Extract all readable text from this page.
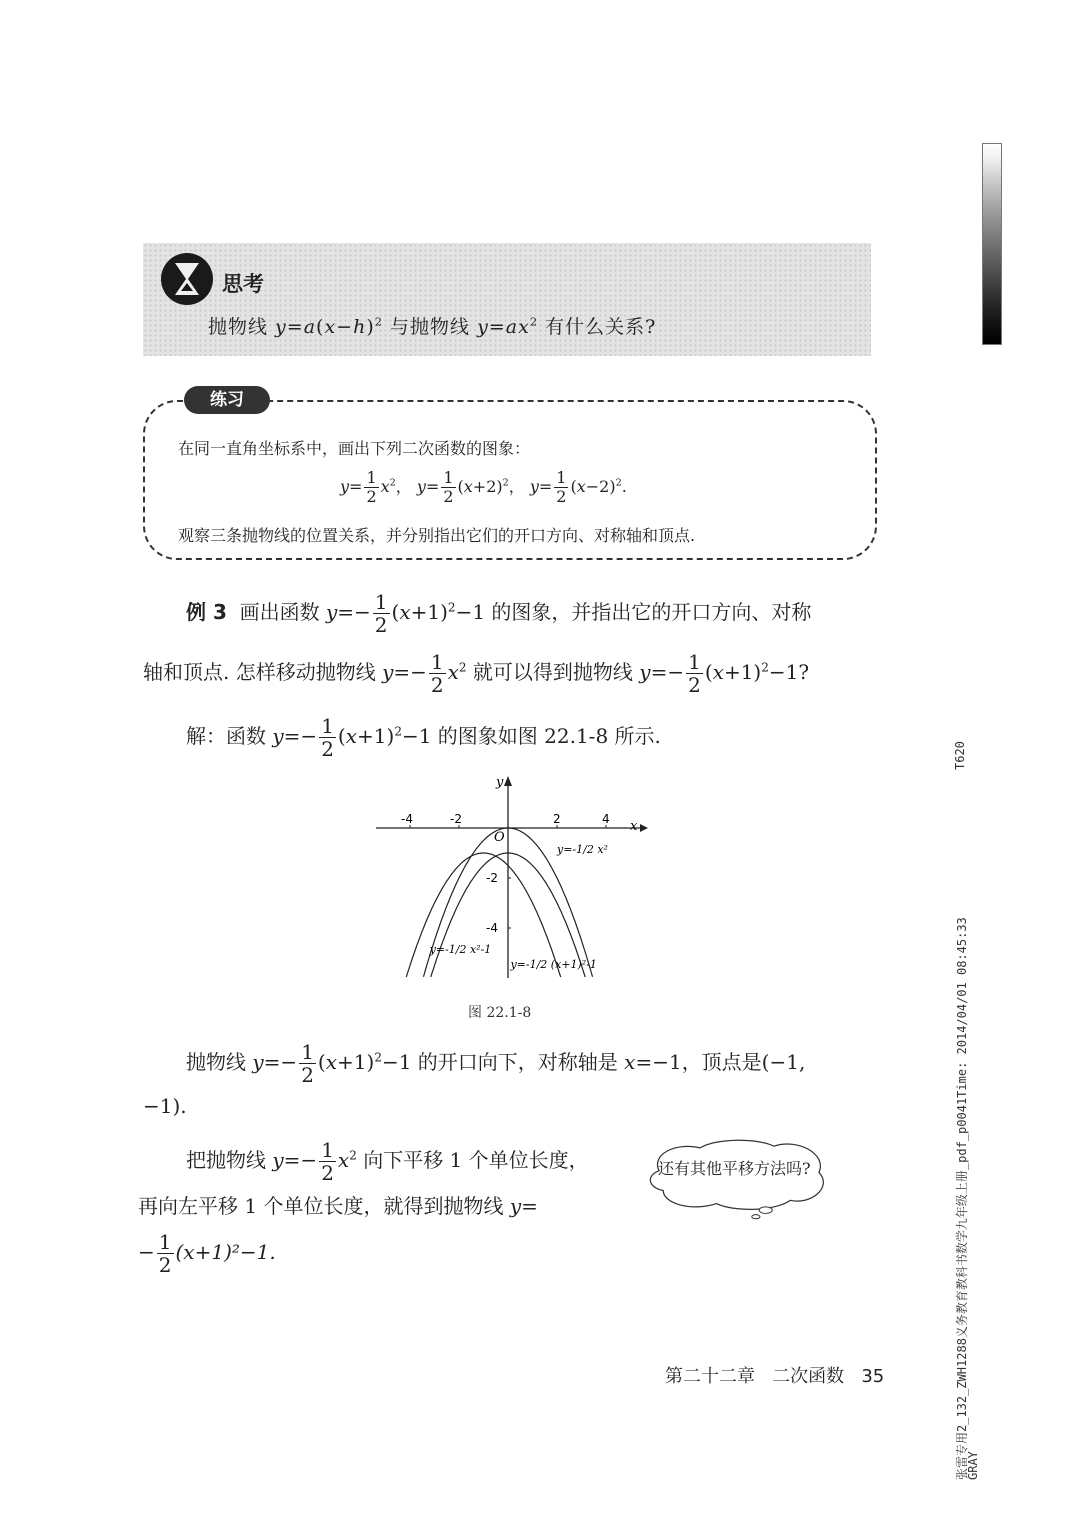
思考
抛物线 $y=a(x-h)^2$ 与抛物线 $y=ax^2$ 有什么关系?
练习
在同一直角坐标系中，画出下列二次函数的图象：
$y= \frac{1}{2} x^2$， $y= \frac{1}{2} (x+2)^2$， $y= \frac{1}{2} (x-2)^2$.
观察三条抛物线的位置关系，并分别指出它们的开口方向、对称轴和顶点.
例 3 画出函数 $y=- \frac{1}{2} (x+1)^2-1$ 的图象，并指出它的开口方向、对称
轴和顶点. 怎样移动抛物线 $y=- \frac{1}{2} x^2$ 就可以得到抛物线 $y=- \frac{1}{2} (x+1)^2-1$?
解：函数 $y=- \frac{1}{2} (x+1)^2-1$ 的图象如图 22.1-8 所示.
x
y
O
-4	-2	2	4
-2
-4
y=-1/2 x²
y=-1/2 x²-1
y=-1/2 (x+1)²-1
图 22.1-8
抛物线 $y=- \frac{1}{2} (x+1)^2-1$ 的开口向下，对称轴是 x=−1，顶点是(−1,
−1).
把抛物线 $y=- \frac{1}{2} x^2$ 向下平移 1 个单位长度，
再向左平移 1 个单位长度，就得到抛物线 y=
− $\frac{1}{2} (x+1)^2-1$.
还有其他平移方法吗?
第二十二章 二次函数 35
T620
张雷专用2_132_ZWH1288义务教育教科书数学九年级上册_pdf_p0041Time: 2014/04/01 08:45:33
GRAY
